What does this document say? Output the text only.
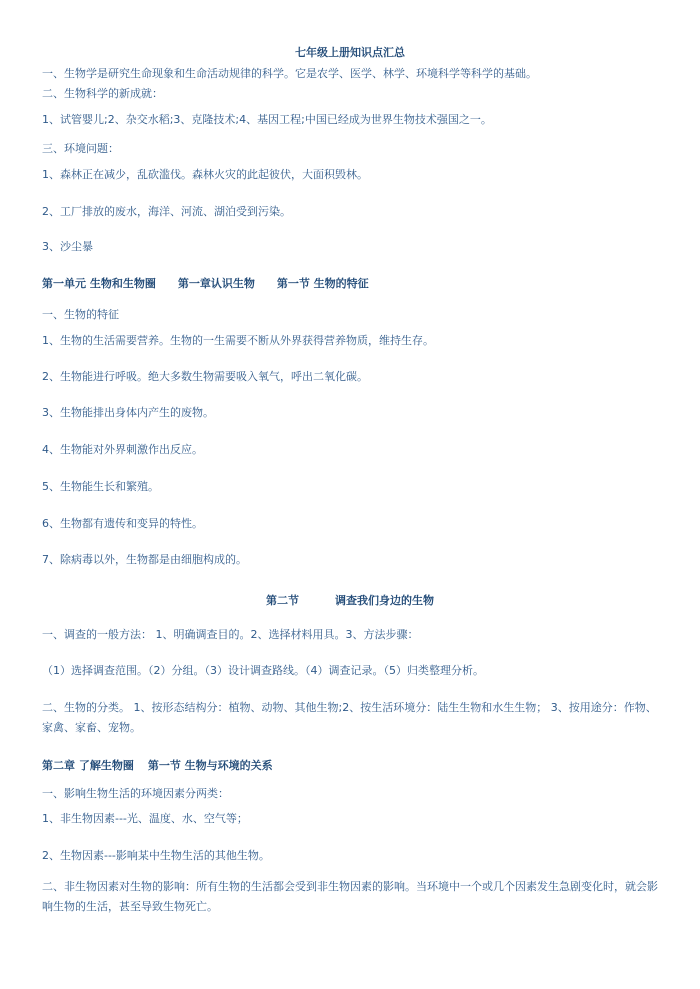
七年级上册知识点汇总
一、生物学是研究生命现象和生命活动规律的科学。它是农学、医学、林学、环境科学等科学的基础。
二、生物科学的新成就：
1、试管婴儿;2、杂交水稻;3、克隆技术;4、基因工程;中国已经成为世界生物技术强国之一。
三、环境问题：
1、森林正在减少，乱砍滥伐。森林火灾的此起彼伏，大面积毁林。
2、工厂排放的废水，海洋、河流、湖泊受到污染。
3、沙尘暴
第一单元 生物和生物圈 第一章认识生物 第一节 生物的特征
一、生物的特征
1、生物的生活需要营养。生物的一生需要不断从外界获得营养物质，维持生存。
2、生物能进行呼吸。绝大多数生物需要吸入氧气，呼出二氧化碳。
3、生物能排出身体内产生的废物。
4、生物能对外界刺激作出反应。
5、生物能生长和繁殖。
6、生物都有遗传和变异的特性。
7、除病毒以外，生物都是由细胞构成的。
第二节	调查我们身边的生物
一、调查的一般方法： 1、明确调查目的。2、选择材料用具。3、方法步骤：
（1）选择调查范围。（2）分组。（3）设计调查路线。（4）调查记录。（5）归类整理分析。
二、生物的分类。 1、按形态结构分：植物、动物、其他生物;2、按生活环境分：陆生生物和水生生物； 3、按用途分：作物、家禽、家畜、宠物。
第二章 了解生物圈 第一节 生物与环境的关系
一、影响生物生活的环境因素分两类：
1、非生物因素---光、温度、水、空气等；
2、生物因素---影响某中生物生活的其他生物。
二、非生物因素对生物的影响：所有生物的生活都会受到非生物因素的影响。当环境中一个或几个因素发生急剧变化时，就会影响生物的生活，甚至导致生物死亡。
